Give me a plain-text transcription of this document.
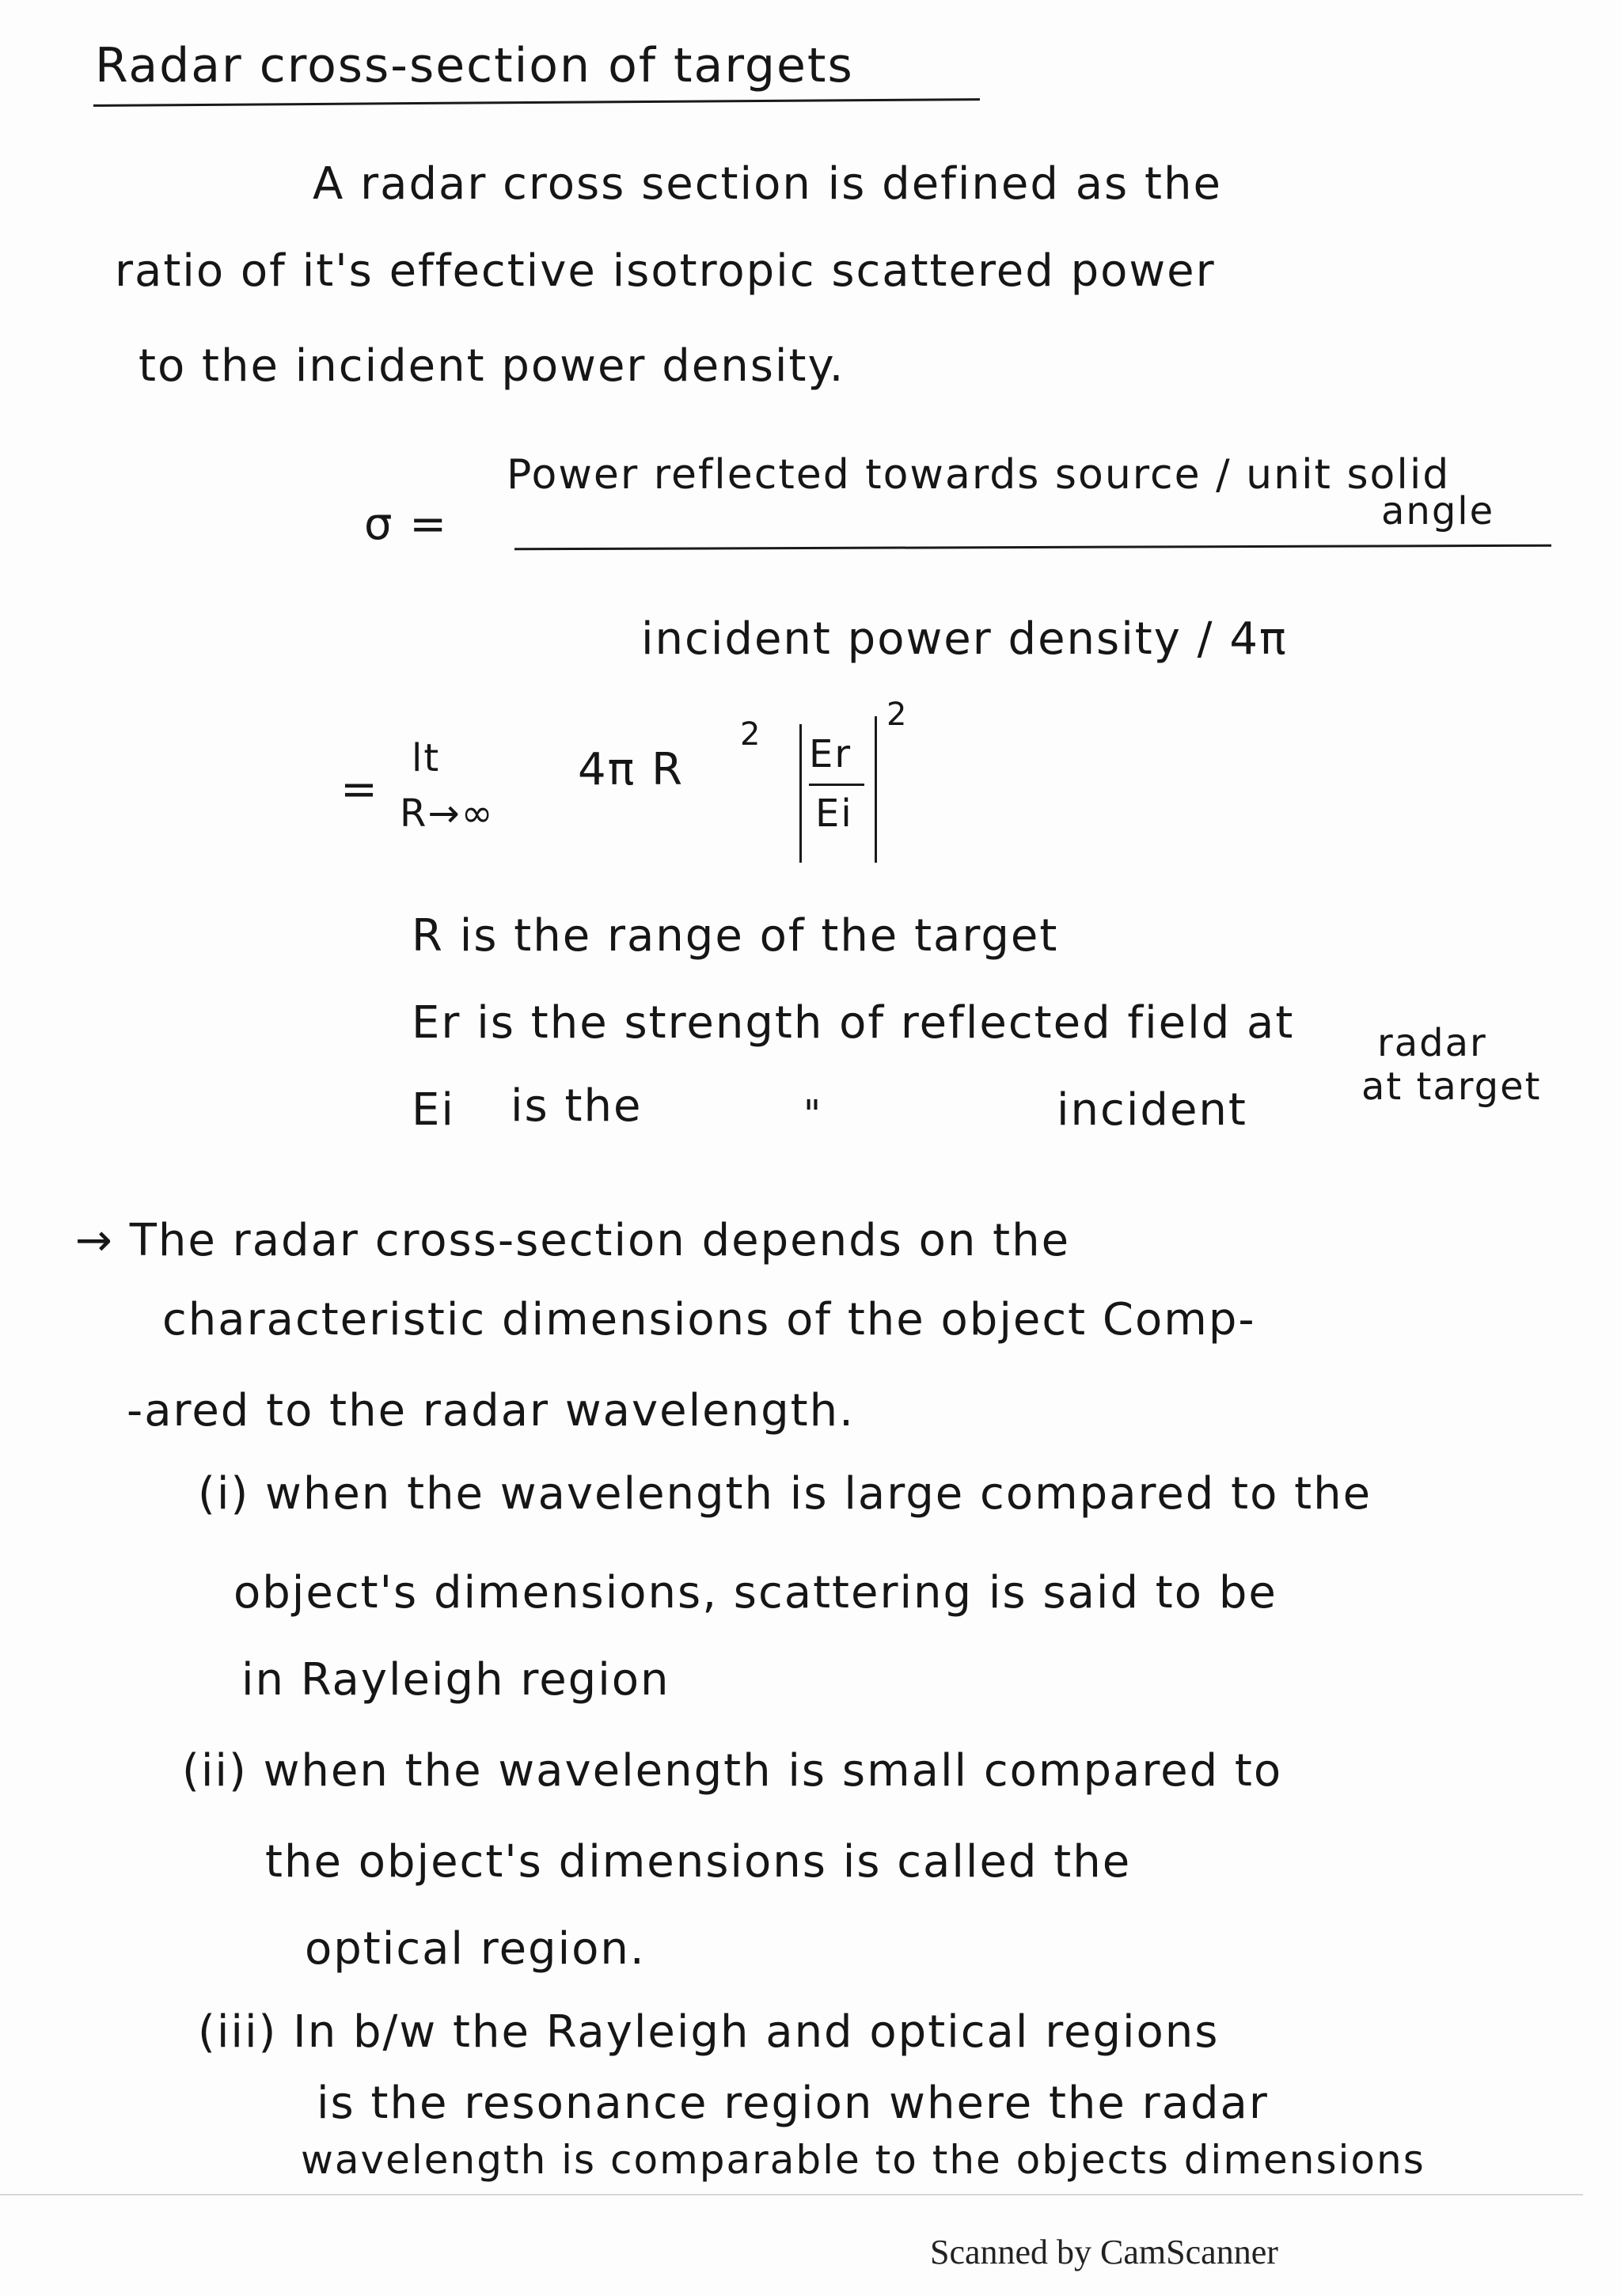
Radar cross-section of targets
A radar cross section is defined as the
ratio of it's effective isotropic scattered power
to the incident power density.
σ =
Power reflected towards source / unit solid
angle
incident power density / 4π
=
lt
R→∞
4π R
2 Er
Ei
2
R is the range of the target
Er is the strength of reflected field at radar
Ei is the	"	incident	at target
→ The radar cross-section depends on the
characteristic dimensions of the object Comp-
-ared to the radar wavelength.
(i) when the wavelength is large compared to the
object's dimensions, scattering is said to be
in Rayleigh region
(ii) when the wavelength is small compared to
the object's dimensions is called the
optical region.
(iii) In b/w the Rayleigh and optical regions
is the resonance region where the radar
wavelength is comparable to the objects dimensions
Scanned by CamScanner
